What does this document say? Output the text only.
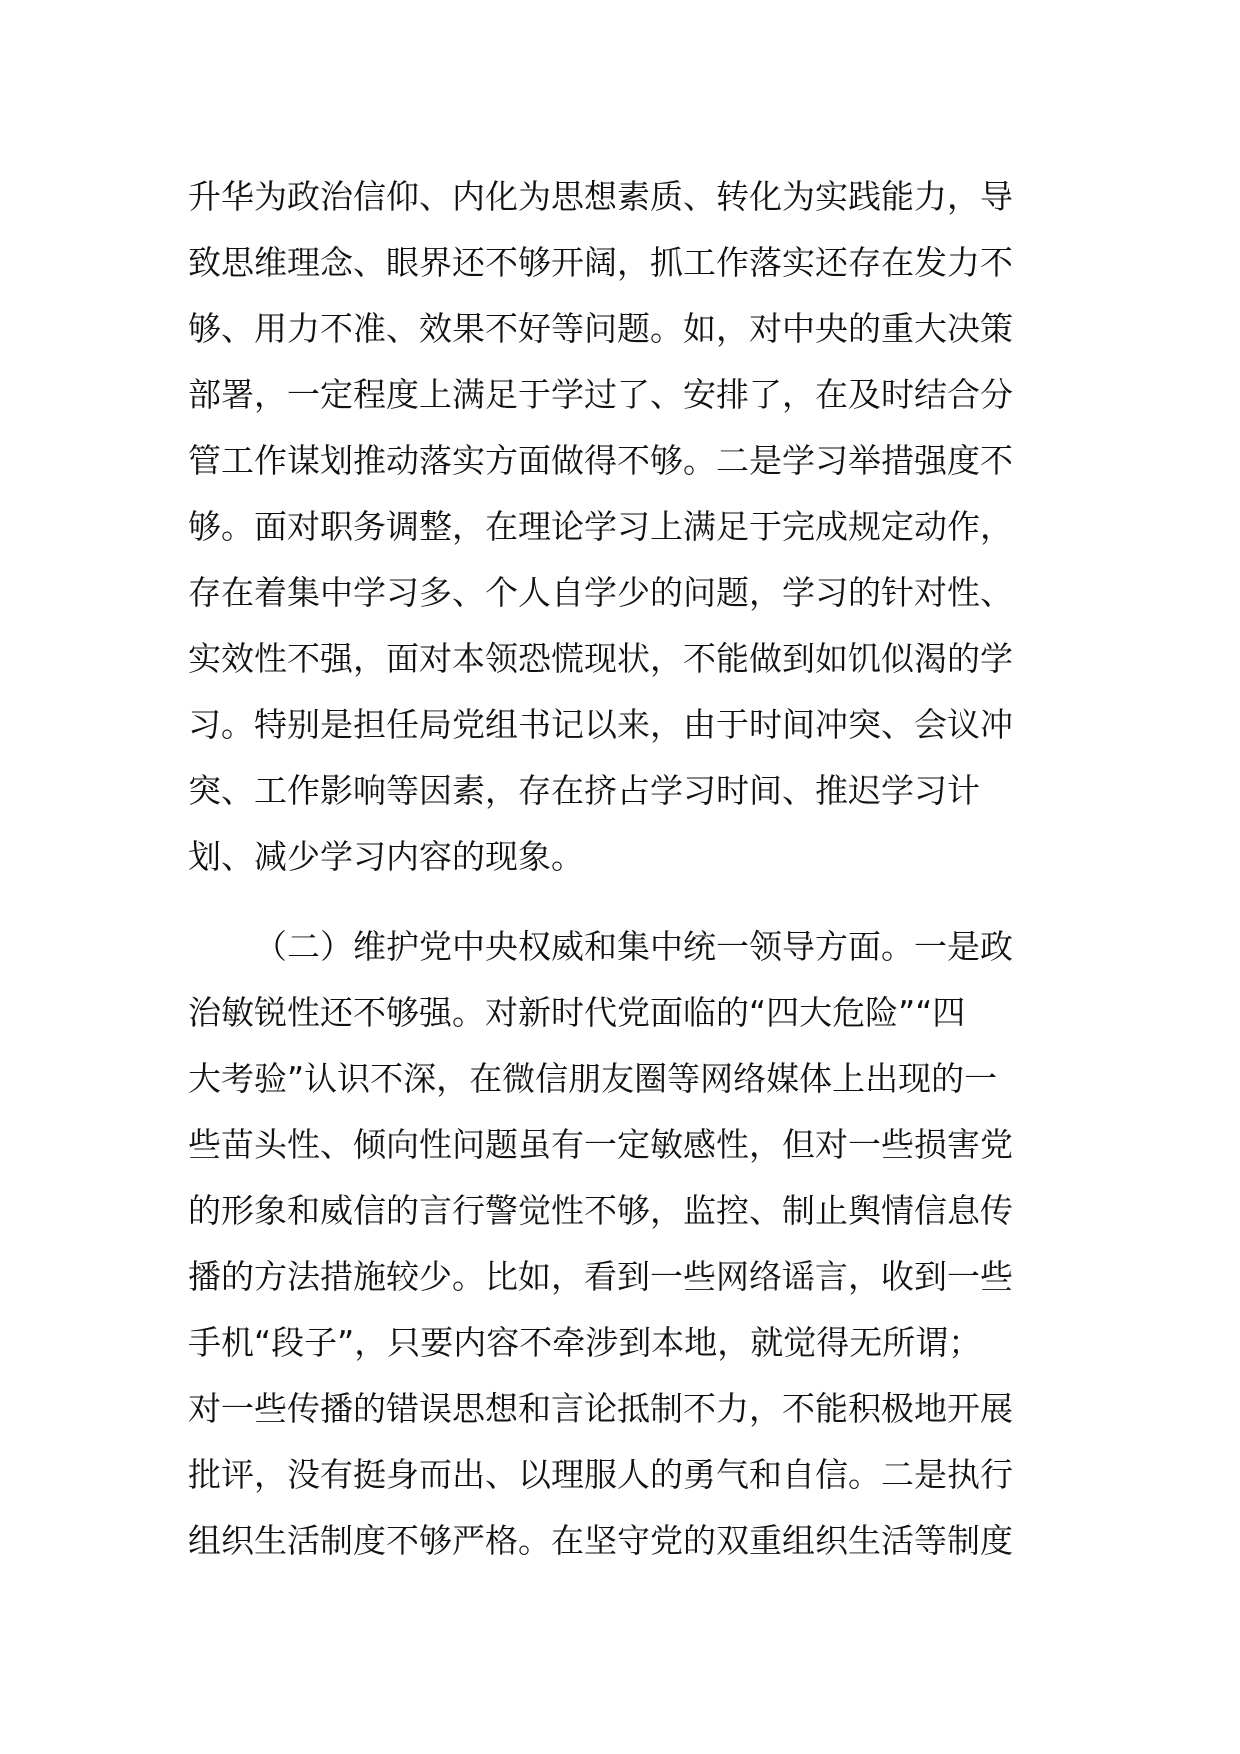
升华为政治信仰、内化为思想素质、转化为实践能力，导
致思维理念、眼界还不够开阔，抓工作落实还存在发力不
够、用力不准、效果不好等问题。如，对中央的重大决策
部署，一定程度上满足于学过了、安排了，在及时结合分
管工作谋划推动落实方面做得不够。二是学习举措强度不
够。面对职务调整，在理论学习上满足于完成规定动作，
存在着集中学习多、个人自学少的问题，学习的针对性、
实效性不强，面对本领恐慌现状，不能做到如饥似渴的学
习。特别是担任局党组书记以来，由于时间冲突、会议冲
突、工作影响等因素，存在挤占学习时间、推迟学习计
划、减少学习内容的现象。
（二）维护党中央权威和集中统一领导方面。一是政
治敏锐性还不够强。对新时代党面临的“四大危险”“四
大考验”认识不深，在微信朋友圈等网络媒体上出现的一
些苗头性、倾向性问题虽有一定敏感性，但对一些损害党
的形象和威信的言行警觉性不够，监控、制止舆情信息传
播的方法措施较少。比如，看到一些网络谣言，收到一些
手机“段子”，只要内容不牵涉到本地，就觉得无所谓；
对一些传播的错误思想和言论抵制不力，不能积极地开展
批评，没有挺身而出、以理服人的勇气和自信。二是执行
组织生活制度不够严格。在坚守党的双重组织生活等制度
